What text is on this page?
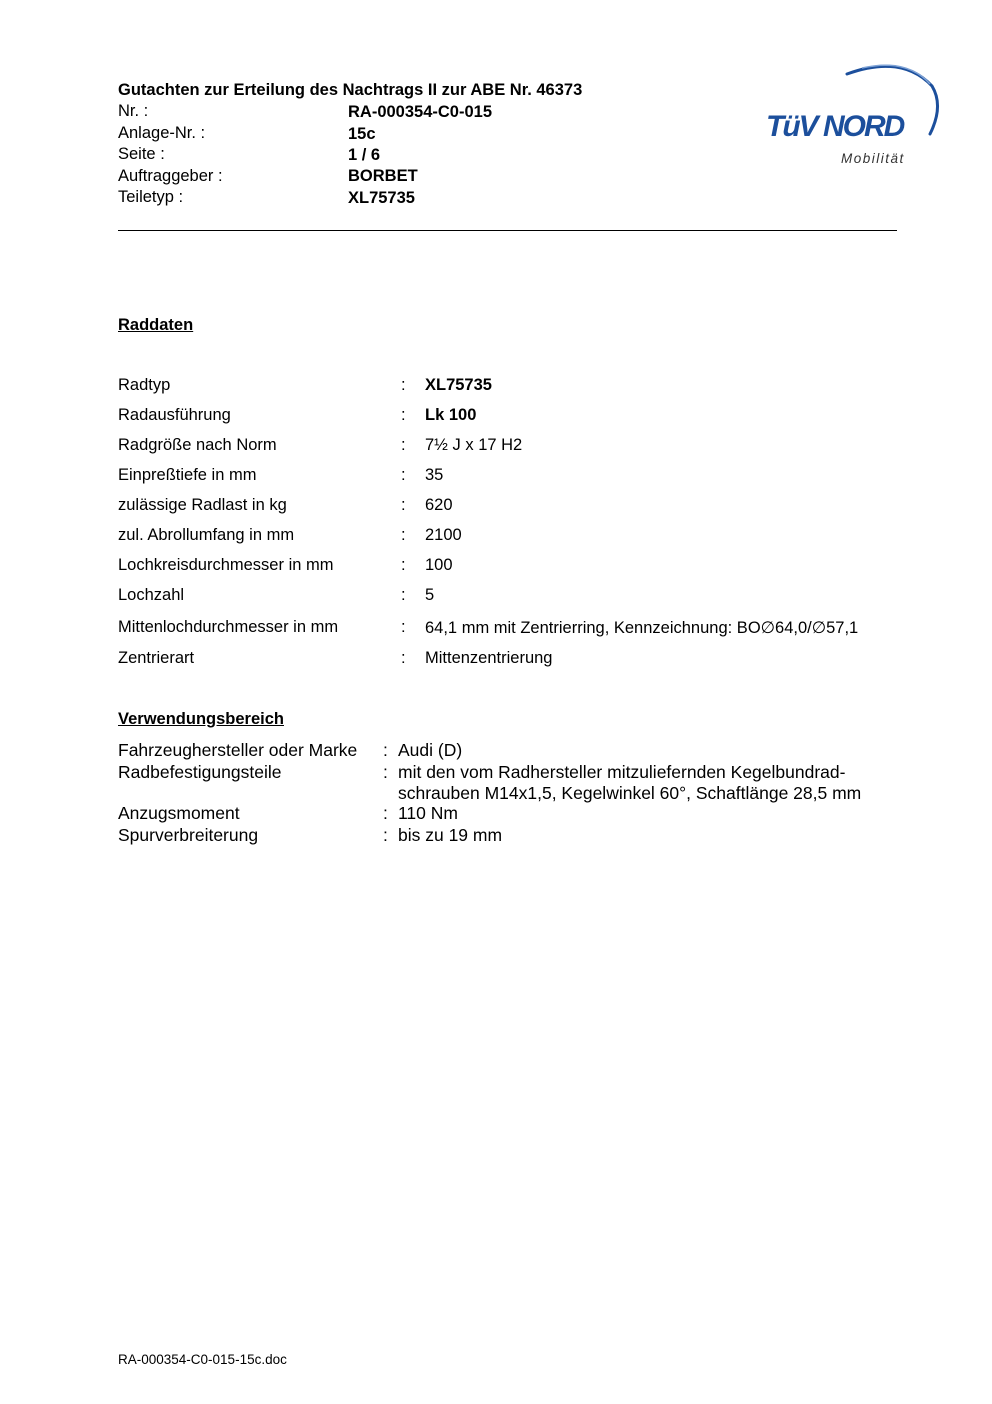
Gutachten zur Erteilung des Nachtrags II zur ABE Nr. 46373
Nr. :	RA-000354-C0-015
Anlage-Nr. :	15c
Seite :	1 / 6
Auftraggeber :	BORBET
Teiletyp :	XL75735
TüV NORD
Mobilität
Raddaten
Radtyp	: XL75735
Radausführung	: Lk 100
Radgröße nach Norm	: 7½ J x 17 H2
Einpreßtiefe in mm	: 35
zulässige Radlast in kg	: 620
zul. Abrollumfang in mm	: 2100
Lochkreisdurchmesser in mm	: 100
Lochzahl	: 5
Mittenlochdurchmesser in mm	: 64,1 mm mit Zentrierring, Kennzeichnung: BO∅64,0/∅57,1
Zentrierart	: Mittenzentrierung
Verwendungsbereich
Fahrzeughersteller oder Marke : Audi (D)
Radbefestigungsteile	: mit den vom Radhersteller mitzuliefernden Kegelbundrad-
schrauben M14x1,5, Kegelwinkel 60°, Schaftlänge 28,5 mm
Anzugsmoment	: 110 Nm
Spurverbreiterung	: bis zu 19 mm
RA-000354-C0-015-15c.doc
